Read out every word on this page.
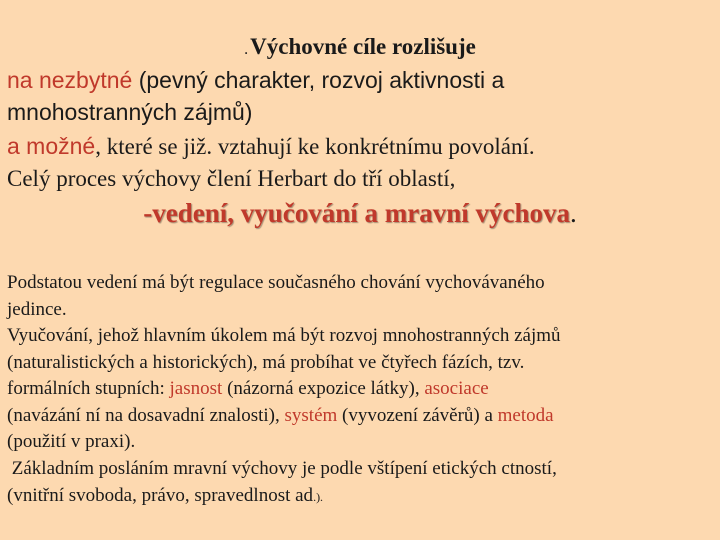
.Výchovné cíle rozlišuje
na nezbytné (pevný charakter, rozvoj aktivnosti a
mnohostranných zájmů)
a možné, které se již. vztahují ke konkrétnímu povolání.
Celý proces výchovy člení Herbart do tří oblastí,
-vedení, vyučování a mravní výchova.
Podstatou vedení má být regulace současného chování vychovávaného
jedince.
Vyučování, jehož hlavním úkolem má být rozvoj mnohostranných zájmů
(naturalistických a historických), má probíhat ve čtyřech fázích, tzv.
formálních stupních: jasnost (názorná expozice látky), asociace
(navázání ní na dosavadní znalosti), systém (vyvození závěrů) a metoda
(použití v praxi).
Základním posláním mravní výchovy je podle vštípení etických ctností,
(vnitřní svoboda, právo, spravedlnost ad.).
